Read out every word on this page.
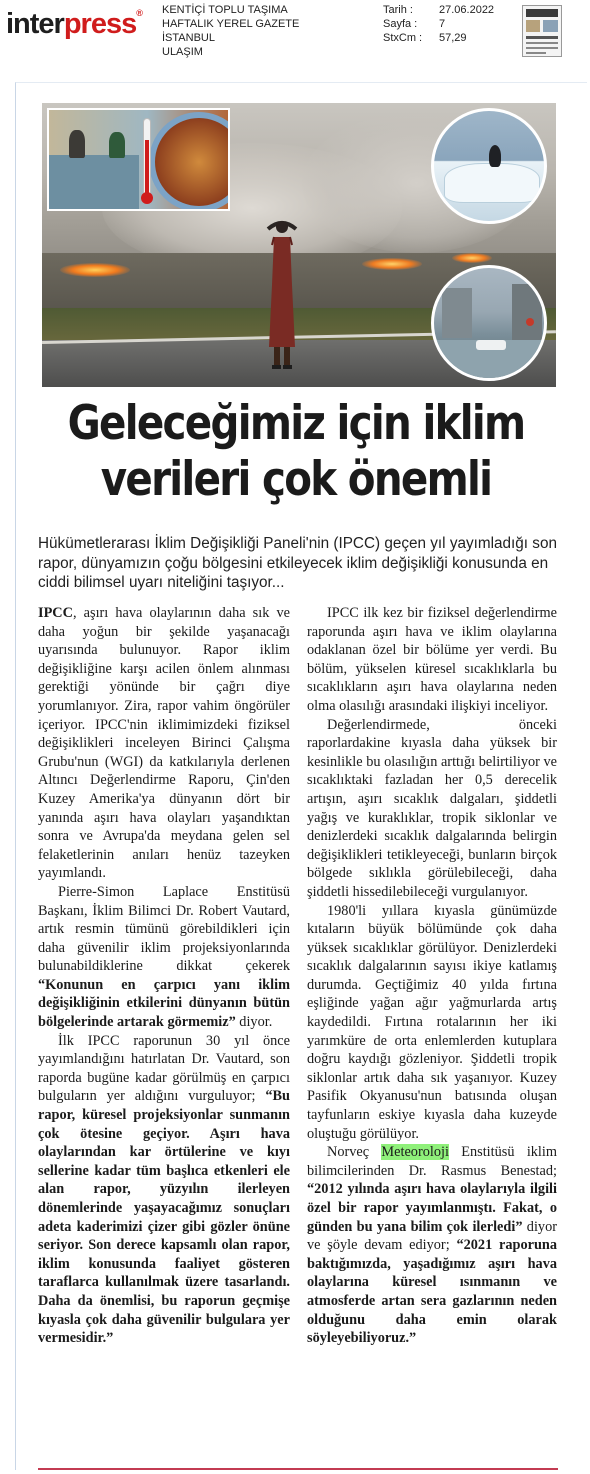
interpress® KENTİÇİ TOPLU TAŞIMA
HAFTALIK YEREL GAZETE
İSTANBUL
ULAŞIM
Tarih :	27.06.2022
Sayfa :	7
StxCm :	57,29
Geleceğimiz için iklim
verileri çok önemli

Hükümetlerarası İklim Değişikliği Paneli'nin (IPCC) geçen yıl yayımladığı son rapor, dünyamızın çoğu bölgesini etkileyecek iklim değişikliği konusunda en ciddi bilimsel uyarı niteliğini taşıyor...

IPCC, aşırı hava olaylarının daha sık ve daha yoğun bir şekilde yaşanacağı uyarısında bulunuyor. Rapor iklim değişikliğine karşı acilen önlem alınması gerektiği yönünde bir çağrı diye yorumlanıyor. Zira, rapor vahim öngörüler içeriyor. IPCC'nin iklimimizdeki fiziksel değişiklikleri inceleyen Birinci Çalışma Grubu'nun (WGI) da katkılarıyla derlenen Altıncı Değerlendirme Raporu, Çin'den Kuzey Amerika'ya dünyanın dört bir yanında aşırı hava olayları yaşandıktan sonra ve Avrupa'da meydana gelen sel felaketlerinin anıları henüz tazeyken yayımlandı.

Pierre-Simon Laplace Enstitüsü Başkanı, İklim Bilimci Dr. Robert Vautard, artık resmin tümünü görebildikleri için daha güvenilir iklim projeksiyonlarında bulunabildiklerine dikkat çekerek “Konunun en çarpıcı yanı iklim değişikliğinin etkilerini dünyanın bütün bölgelerinde artarak görmemiz” diyor.

İlk IPCC raporunun 30 yıl önce yayımlandığını hatırlatan Dr. Vautard, son raporda bugüne kadar görülmüş en çarpıcı bulguların yer aldığını vurguluyor; “Bu rapor, küresel projeksiyonlar sunmanın çok ötesine geçiyor. Aşırı hava olaylarından kar örtülerine ve kıyı sellerine kadar tüm başlıca etkenleri ele alan rapor, yüzyılın ilerleyen dönemlerinde yaşayacağımız sonuçları adeta kaderimizi çizer gibi gözler önüne seriyor. Son derece kapsamlı olan rapor, iklim konusunda faaliyet gösteren taraflarca kullanılmak üzere tasarlandı. Daha da önemlisi, bu raporun geçmişe kıyasla çok daha güvenilir bulgulara yer vermesidir.”

IPCC ilk kez bir fiziksel değerlendirme raporunda aşırı hava ve iklim olaylarına odaklanan özel bir bölüme yer verdi. Bu bölüm, yükselen küresel sıcaklıklarla bu sıcaklıkların aşırı hava olaylarına neden olma olasılığı arasındaki ilişkiyi inceliyor.

Değerlendirmede, önceki raporlardakine kıyasla daha yüksek bir kesinlikle bu olasılığın arttığı belirtiliyor ve sıcaklıktaki fazladan her 0,5 derecelik artışın, aşırı sıcaklık dalgaları, şiddetli yağış ve kuraklıklar, tropik siklonlar ve denizlerdeki sıcaklık dalgalarında belirgin değişiklikleri tetikleyeceği, bunların birçok bölgede sıklıkla görülebileceği, daha şiddetli hissedilebileceği vurgulanıyor.

1980'li yıllara kıyasla günümüzde kıtaların büyük bölümünde çok daha yüksek sıcaklıklar görülüyor. Denizlerdeki sıcaklık dalgalarının sayısı ikiye katlamış durumda. Geçtiğimiz 40 yılda fırtına eşliğinde yağan ağır yağmurlarda artış kaydedildi. Fırtına rotalarının her iki yarımküre de orta enlemlerden kutuplara doğru kaydığı gözleniyor. Şiddetli tropik siklonlar artık daha sık yaşanıyor. Kuzey Pasifik Okyanusu'nun batısında oluşan tayfunların eskiye kıyasla daha kuzeyde oluştuğu görülüyor.

Norveç Meteoroloji Enstitüsü iklim bilimcilerinden Dr. Rasmus Benestad; “2012 yılında aşırı hava olaylarıyla ilgili özel bir rapor yayımlanmıştı. Fakat, o günden bu yana bilim çok ilerledi” diyor ve şöyle devam ediyor; “2021 raporuna baktığımızda, yaşadığımız aşırı hava olaylarına küresel ısınmanın ve atmosferde artan sera gazlarının neden olduğunu daha emin olarak söyleyebiliyoruz.”
